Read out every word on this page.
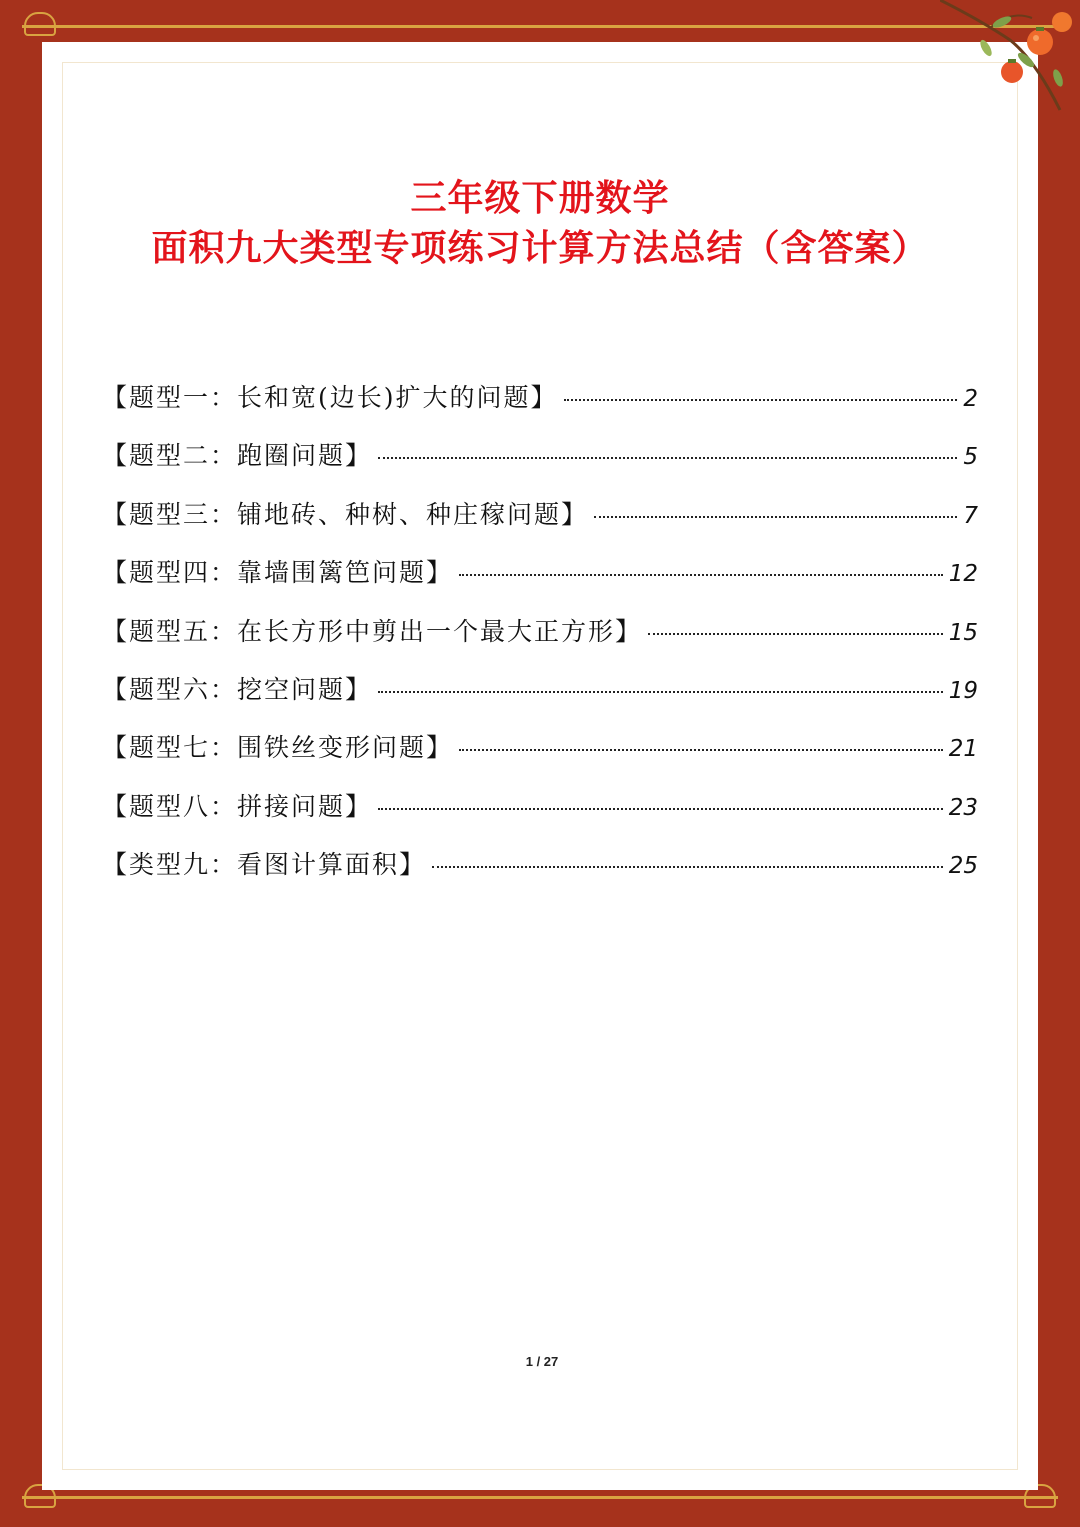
三年级下册数学
面积九大类型专项练习计算方法总结（含答案）
【题型一：长和宽(边长)扩大的问题】	2
【题型二：跑圈问题】	5
【题型三：铺地砖、种树、种庄稼问题】	7
【题型四：靠墙围篱笆问题】	12
【题型五：在长方形中剪出一个最大正方形】	15
【题型六：挖空问题】	19
【题型七：围铁丝变形问题】	21
【题型八：拼接问题】	23
【类型九：看图计算面积】	25
1 / 27
